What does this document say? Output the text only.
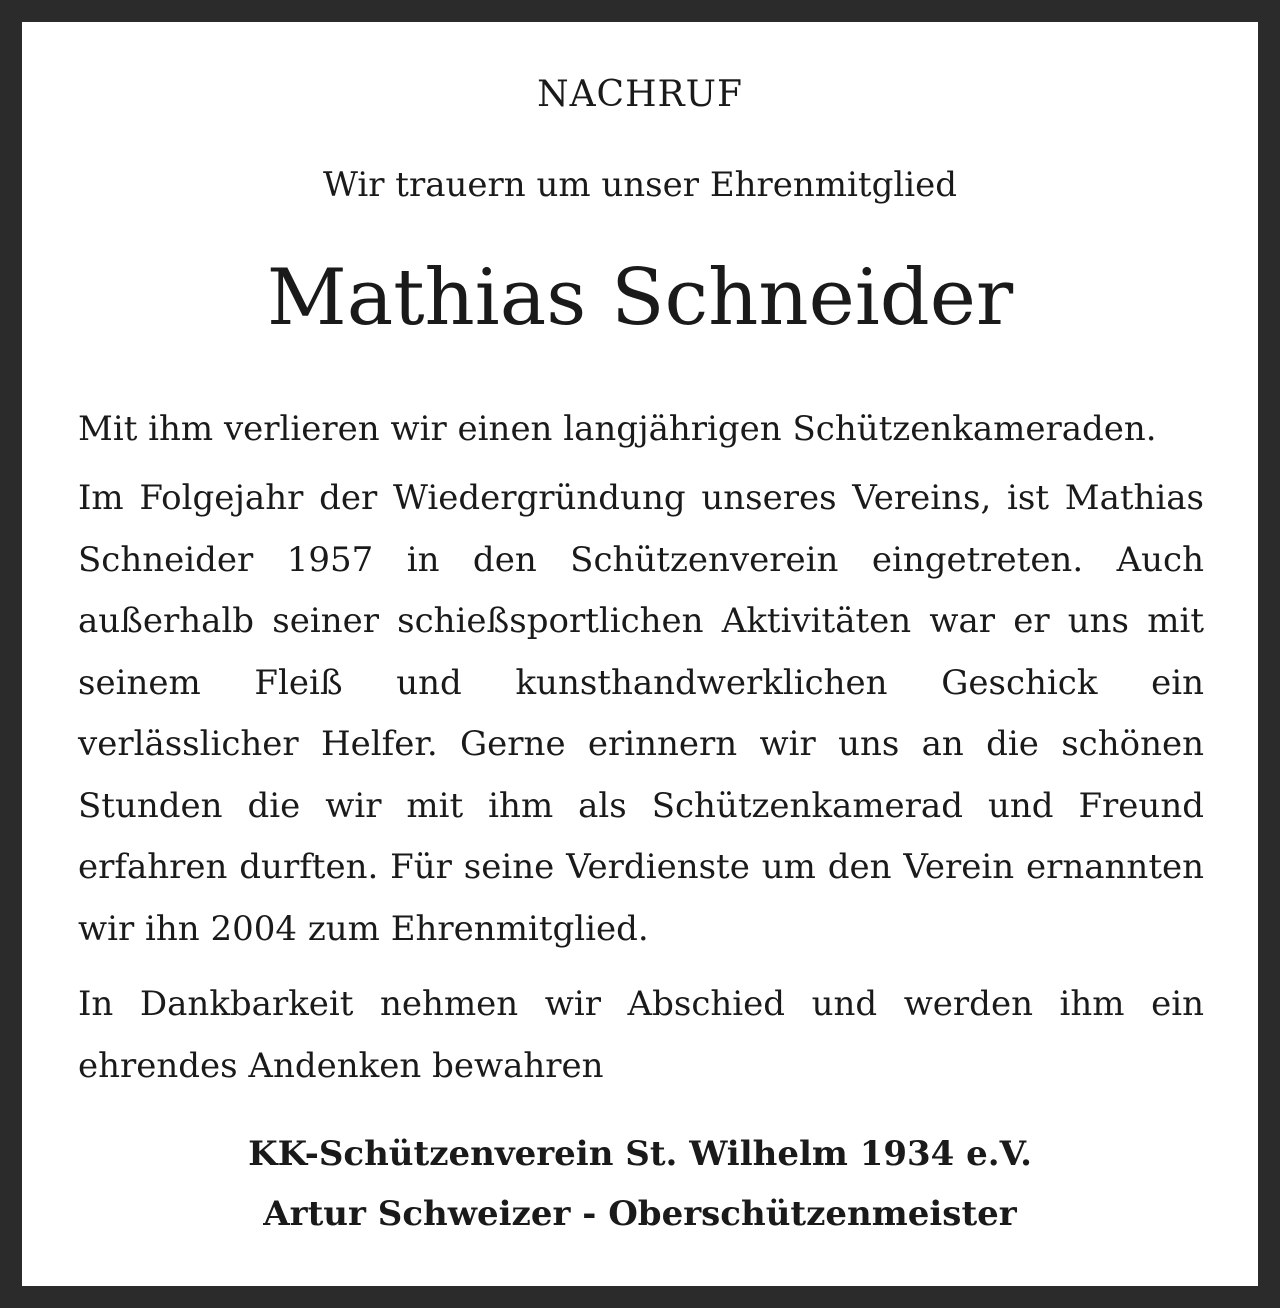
NACHRUF
Wir trauern um unser Ehrenmitglied
Mathias Schneider

Mit ihm verlieren wir einen langjährigen Schützenkameraden.

Im Folgejahr der Wiedergründung unseres Vereins, ist Mathias Schneider 1957 in den Schützenverein eingetreten. Auch außerhalb seiner schießsportlichen Aktivitäten war er uns mit seinem Fleiß und kunsthandwerklichen Geschick ein verlässlicher Helfer. Gerne erinnern wir uns an die schönen Stunden die wir mit ihm als Schützenkamerad und Freund erfahren durften. Für seine Verdienste um den Verein ernannten wir ihn 2004 zum Ehrenmitglied.

In Dankbarkeit nehmen wir Abschied und werden ihm ein ehrendes Andenken bewahren

KK-Schützenverein St. Wilhelm 1934 e.V.
Artur Schweizer - Oberschützenmeister
